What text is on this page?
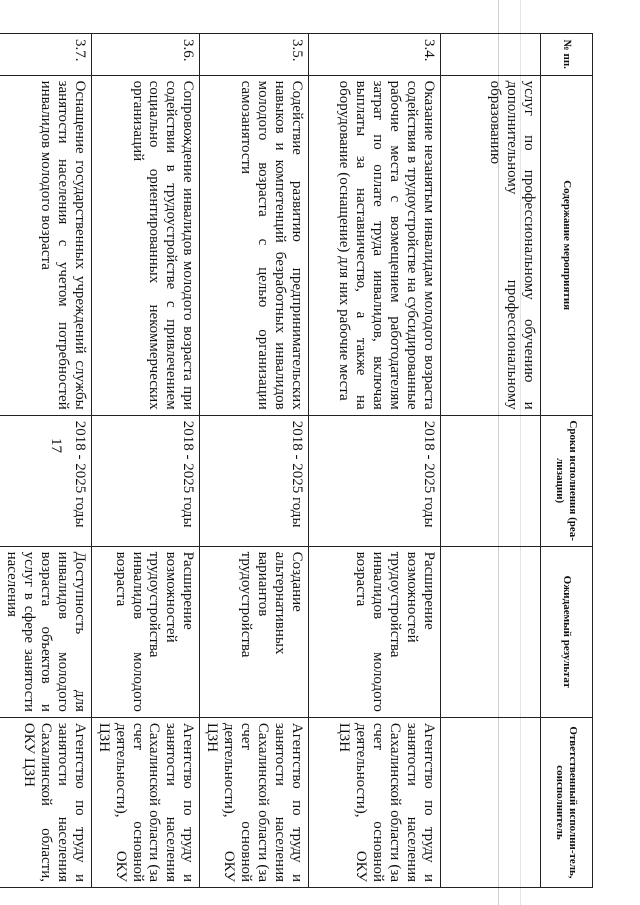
17
№ пп.	Содержание мероприятия	Сроки исполнения (реа-лизации)	Ожидаемый результат	Ответственный исполни-тель, соисполнитель
	услуг по профессиональному обучению и дополнительному профессиональному образованию			
3.4.	Оказание незанятым инвалидам молодого возраста содействия в трудоустройстве на субсидированные рабочие места с возмещением работодателям затрат по оплате труда инвалидов, включая выплаты за наставничество, а также на оборудование (оснащение) для них рабочие места	2018 - 2025 годы	Расширение возможностей трудоустройства инвалидов молодого возраста	Агентство по труду и занятости населения Сахалинской области (за счет основной деятельности), ОКУ ЦЗН
3.5.	Содействие развитию предпринимательских навыков и компетенций безработных инвалидов молодого возраста с целью организации самозанятости	2018 - 2025 годы	Создание альтернативных вариантов трудоустройства	Агентство по труду и занятости населения Сахалинской области (за счет основной деятельности), ОКУ ЦЗН
3.6.	Сопровождение инвалидов молодого возраста при содействии в трудоустройстве с привлечением социально ориентированных некоммерческих организаций	2018 - 2025 годы	Расширение возможностей трудоустройства инвалидов молодого возраста	Агентство по труду и занятости населения Сахалинской области (за счет основной деятельности), ОКУ ЦЗН
3.7.	Оснащение государственных учреждений службы занятости населения с учетом потребностей инвалидов молодого возраста	2018 - 2025 годы	Доступность для инвалидов молодого возраста объектов и услуг в сфере занятости населения	Агентство по труду и занятости населения Сахалинской области, ОКУ ЦЗН
